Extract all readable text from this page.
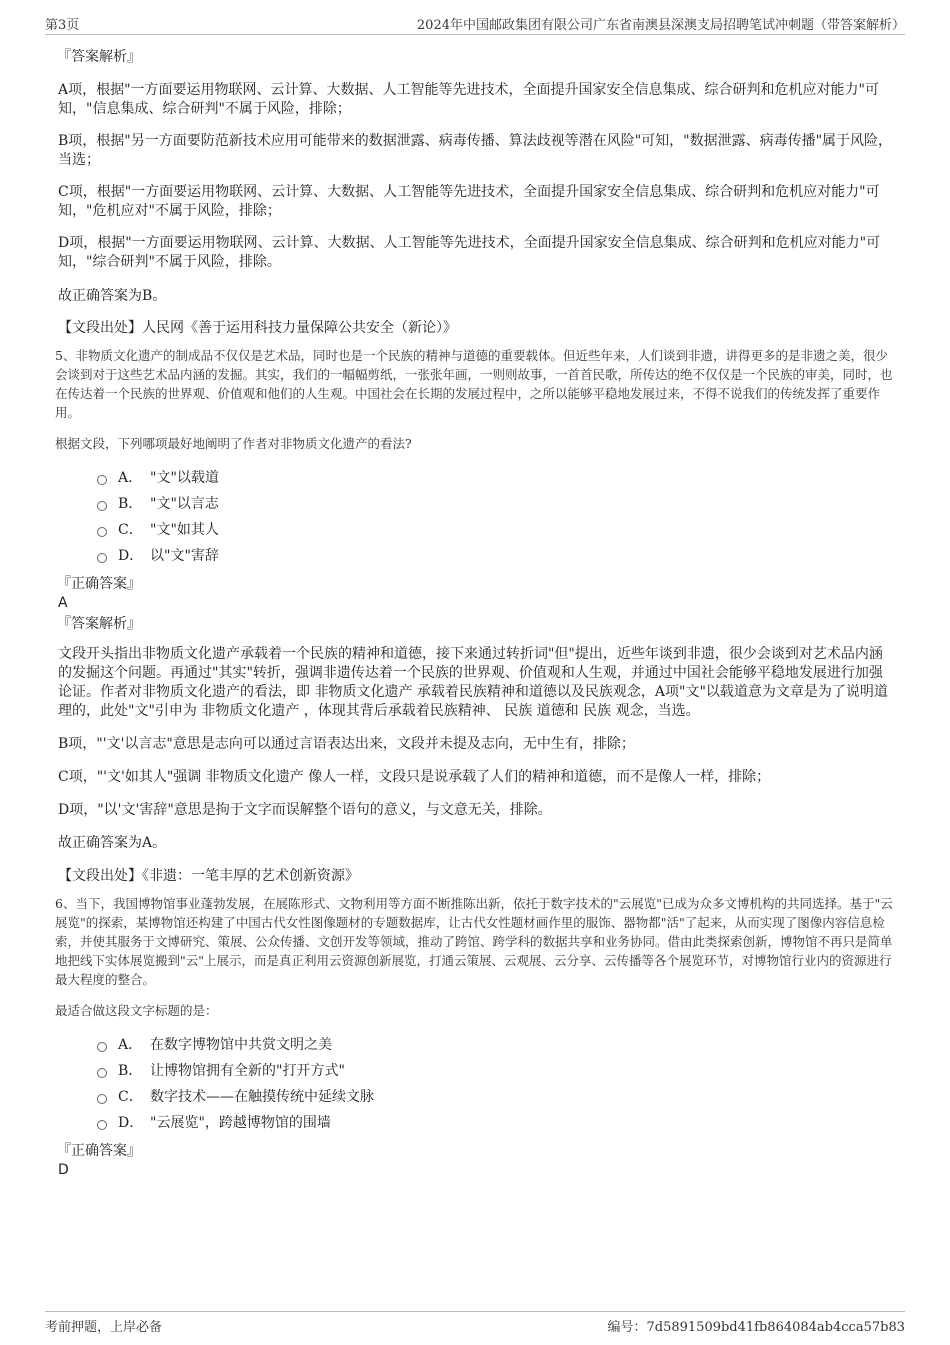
第3页	2024年中国邮政集团有限公司广东省南澳县深澳支局招聘笔试冲刺题（带答案解析）
『答案解析』
A项，根据"一方面要运用物联网、云计算、大数据、人工智能等先进技术，全面提升国家安全信息集成、综合研判和危机应对能力"可知，"信息集成、综合研判"不属于风险，排除；
B项，根据"另一方面要防范新技术应用可能带来的数据泄露、病毒传播、算法歧视等潜在风险"可知，"数据泄露、病毒传播"属于风险，当选；
C项，根据"一方面要运用物联网、云计算、大数据、人工智能等先进技术，全面提升国家安全信息集成、综合研判和危机应对能力"可知，"危机应对"不属于风险，排除；
D项，根据"一方面要运用物联网、云计算、大数据、人工智能等先进技术，全面提升国家安全信息集成、综合研判和危机应对能力"可知，"综合研判"不属于风险，排除。
故正确答案为B。
【文段出处】人民网《善于运用科技力量保障公共安全（新论）》
5、非物质文化遗产的制成品不仅仅是艺术品，同时也是一个民族的精神与道德的重要载体。但近些年来，人们谈到非遗，讲得更多的是非遗之美，很少会谈到对于这些艺术品内涵的发掘。其实，我们的一幅幅剪纸，一张张年画，一则则故事，一首首民歌，所传达的绝不仅仅是一个民族的审美，同时，也在传达着一个民族的世界观、价值观和他们的人生观。中国社会在长期的发展过程中，之所以能够平稳地发展过来，不得不说我们的传统发挥了重要作用。
根据文段，下列哪项最好地阐明了作者对非物质文化遗产的看法?
A． "文"以载道
B． "文"以言志
C． "文"如其人
D． 以"文"害辞
『正确答案』
A
『答案解析』
文段开头指出非物质文化遗产承载着一个民族的精神和道德，接下来通过转折词"但"提出，近些年谈到非遗，很少会谈到对艺术品内涵的发掘这个问题。再通过"其实"转折，强调非遗传达着一个民族的世界观、价值观和人生观，并通过中国社会能够平稳地发展进行加强论证。作者对非物质文化遗产的看法，即 非物质文化遗产 承载着民族精神和道德以及民族观念，A项"文"以载道意为文章是为了说明道理的，此处"文"引申为 非物质文化遗产 ，体现其背后承载着民族精神、 民族 道德和 民族 观念，当选。
B项，"'文'以言志"意思是志向可以通过言语表达出来，文段并未提及志向，无中生有，排除；
C项，"'文'如其人"强调 非物质文化遗产 像人一样，文段只是说承载了人们的精神和道德，而不是像人一样，排除；
D项，"以'文'害辞"意思是拘于文字而误解整个语句的意义，与文意无关，排除。
故正确答案为A。
【文段出处】《非遗：一笔丰厚的艺术创新资源》
6、当下，我国博物馆事业蓬勃发展，在展陈形式、文物利用等方面不断推陈出新，依托于数字技术的"云展览"已成为众多文博机构的共同选择。基于"云展览"的探索，某博物馆还构建了中国古代女性图像题材的专题数据库，让古代女性题材画作里的服饰、器物都"活"了起来，从而实现了图像内容信息检索，并使其服务于文博研究、策展、公众传播、文创开发等领域，推动了跨馆、跨学科的数据共享和业务协同。借由此类探索创新，博物馆不再只是简单地把线下实体展览搬到"云"上展示，而是真正利用云资源创新展览，打通云策展、云观展、云分享、云传播等各个展览环节，对博物馆行业内的资源进行最大程度的整合。
最适合做这段文字标题的是：
A． 在数字博物馆中共赏文明之美
B． 让博物馆拥有全新的"打开方式"
C． 数字技术——在触摸传统中延续文脉
D． "云展览"，跨越博物馆的围墙
『正确答案』
D
考前押题，上岸必备	编号：7d5891509bd41fb864084ab4cca57b83
